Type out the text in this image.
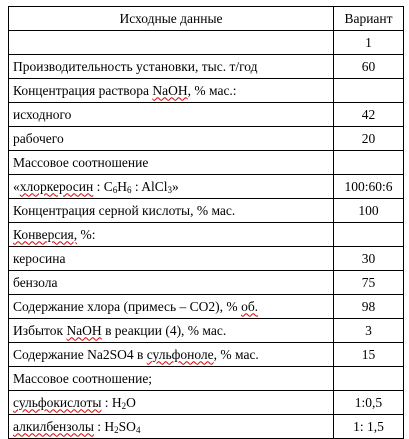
Исходные данные	Вариант
	1
Производительность установки, тыс. т/год	60
Концентрация раствора NaOH, % мас.:	
исходного	42
рабочего	20
Массовое соотношение	
«хлоркеросин : $C_6H_6$ : AlCl$_3$»	100:60:6
Концентрация серной кислоты, % мас.	100
Конверсия, %:	
керосина	30
бензола	75
Содержание хлора (примесь – СО2), % об.	98
Избыток NaOH в реакции (4), % мас.	3
Содержание Na2SO4 в сульфоноле, % мас.	15
Массовое соотношение;	
сульфокислоты : $H_2O$	1:0,5
алкилбензолы : $H_2SO_4$	1: 1,5
